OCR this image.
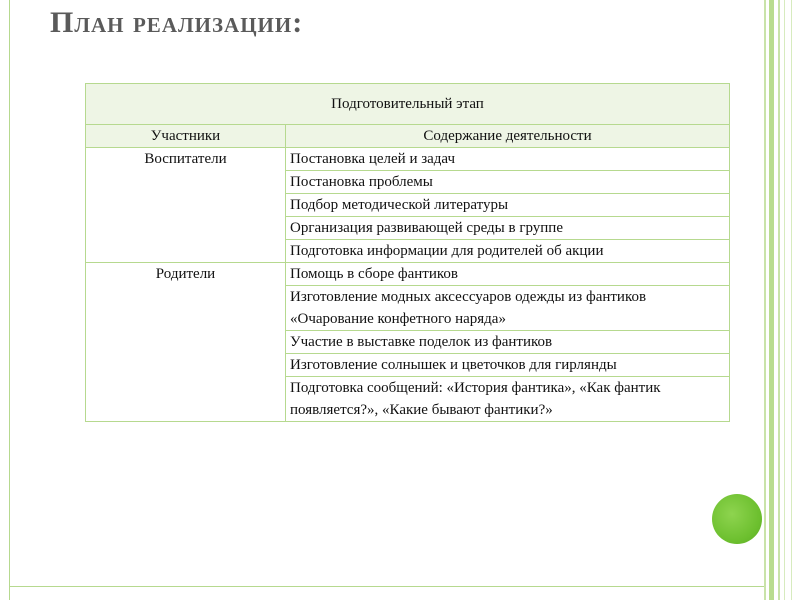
План реализации:
Подготовительный этап	
Участники	Содержание деятельности
Воспитатели	Постановка целей и задач
	Постановка проблемы
	Подбор методической литературы
	Организация развивающей среды в группе
	Подготовка информации для родителей об акции
Родители	Помощь в сборе фантиков
	Изготовление модных аксессуаров одежды из фантиков «Очарование конфетного наряда»
	Участие в выставке поделок из фантиков
	Изготовление солнышек и цветочков для гирлянды
	Подготовка сообщений: «История фантика», «Как фантик появляется?», «Какие бывают фантики?»
